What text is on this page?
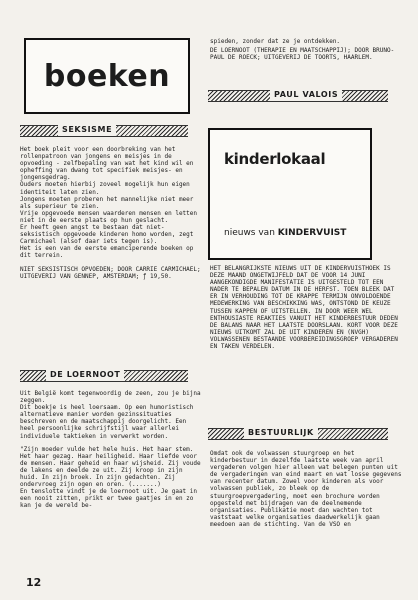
boeken
SEKSISME

Het boek pleit voor een doorbreking van het rollenpatroon van jongens en meisjes in de opvoeding - zelfbepaling van wat het kind wil en opheffing van dwang tot specifiek meisjes- en jongensgedrag.
Ouders moeten hierbij zoveel mogelijk hun eigen identiteit laten zien.
Jongens moeten proberen het mannelijke niet meer als superieur te zien.
Vrije opgevoede mensen waarderen mensen en letten niet in de eerste plaats op hun geslacht.
Er heeft geen angst te bestaan dat niet-seksistisch opgevoede kinderen homo worden, zegt Carmichael (alsof daar iets tegen is).
Het is een van de eerste emanciperende boeken op dit terrein.

NIET SEKSISTISCH OPVOEDEN; DOOR CARRIE CARMICHAEL; UITGEVERIJ VAN GENNEP, AMSTERDAM; ƒ 19,50.

DE LOERNOOT

Uit België komt tegenwoordig de zeen, zou je bijna zeggen.
Dit boekje is heel loersaam. Op een humoristisch alternatieve manier worden gezinssituaties beschreven en de maatschappij doorgelicht. Een heel persoonlijke schrijfstijl waar allerlei individuele taktieken in verwerkt worden.

"Zijn moeder vulde het hele huis. Het haar stem. Het haar gezag. Haar heiligheid. Haar liefde voor de mensen. Haar geheid en haar wijsheid. Zij voude de lakens en deelde ze uit. Zij kroop in zijn huid. In zijn broek. In zijn gedachten. Zij ondervroeg zijn ogen en oren. (.......)
En tenslotte vindt je de loernoot uit. Je gaat in een nooit zitten, prikt er twee gaatjes in en zo kan je de wereld be-

12

spieden, zonder dat ze je ontdekken.

DE LOERNOOT (THERAPIE EN MAATSCHAPPIJ); DOOR BRUNO-PAUL DE ROECK; UITGEVERIJ DE TOORTS, HAARLEM.

PAUL VALOIS
kinderlokaal
nieuws van KINDERVUIST

HET BELANGRIJKSTE NIEUWS UIT DE KINDERVUISTHOEK IS DEZE MAAND ONGETWIJFELD DAT DE VOOR 14 JUNI AANGEKONDIGDE MANIFESTATIE IS UITGESTELD TOT EEN NADER TE BEPALEN DATUM IN DE HERFST. TOEN BLEEK DAT ER IN VERHOUDING TOT DE KRAPPE TERMIJN ONVOLDOENDE MEDEWERKING VAN BESCHIKKING WAS, ONTSTOND DE KEUZE TUSSEN KAPPEN OF UITSTELLEN. IN DOOR WEER WEL ENTHOUSIASTE REAKTIES VANUIT HET KINDERBESTUUR DEDEN DE BALANS NAAR HET LAATSTE DOORSLAAN. KORT VOOR DEZE NIEUWS UITKOMT ZAL DE UIT KINDEREN EN (NVGH) VOLWASSENEN BESTAANDE VOORBEREIDINGSGROEP VERGADEREN EN TAKEN VERDELEN.

BESTUURLIJK

Omdat ook de volwassen stuurgroep en het kinderbestuur in dezelfde laatste week van april vergaderen volgen hier alleen wat belegen punten uit de vergaderingen van eind maart en wat losse gegevens van recenter datum. Zowel voor kinderen als voor volwassen publiek, zo bleek op de stuurgroepvergadering, moet een brochure worden opgesteld met bijdragen van de deelnemende organisaties. Publikatie moet dan wachten tot vaststaat welke organisaties daadwerkelijk gaan meedoen aan de stichting. Van de VSO en
